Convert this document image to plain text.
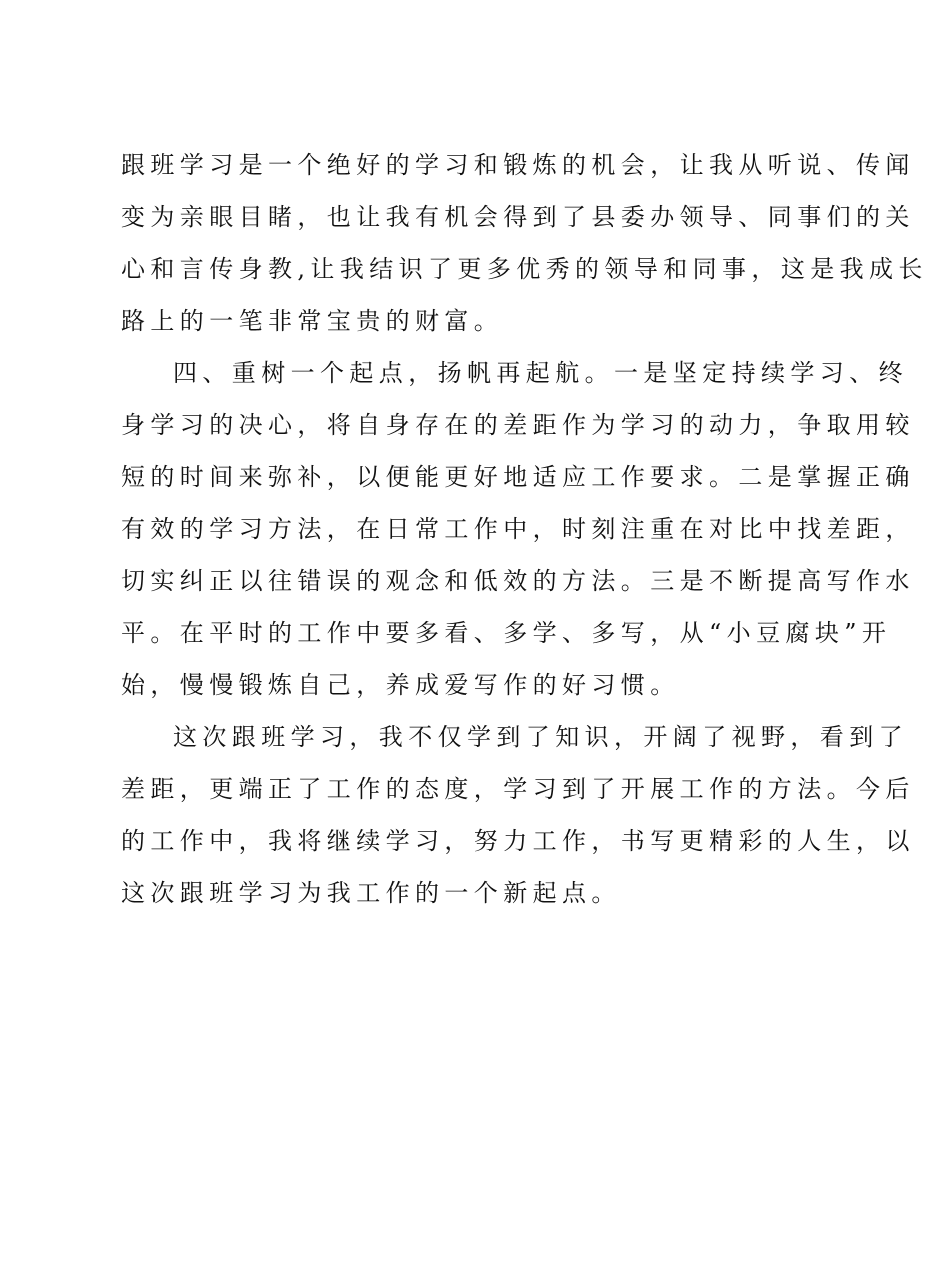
跟班学习是一个绝好的学习和锻炼的机会，让我从听说、传闻
变为亲眼目睹，也让我有机会得到了县委办领导、同事们的关
心和言传身教,让我结识了更多优秀的领导和同事，这是我成长
路上的一笔非常宝贵的财富。
四、重树一个起点，扬帆再起航。一是坚定持续学习、终
身学习的决心，将自身存在的差距作为学习的动力，争取用较
短的时间来弥补，以便能更好地适应工作要求。二是掌握正确
有效的学习方法，在日常工作中，时刻注重在对比中找差距，
切实纠正以往错误的观念和低效的方法。三是不断提高写作水
平。在平时的工作中要多看、多学、多写，从“小豆腐块”开
始，慢慢锻炼自己，养成爱写作的好习惯。
这次跟班学习，我不仅学到了知识，开阔了视野，看到了
差距，更端正了工作的态度，学习到了开展工作的方法。今后
的工作中，我将继续学习，努力工作，书写更精彩的人生，以
这次跟班学习为我工作的一个新起点。
